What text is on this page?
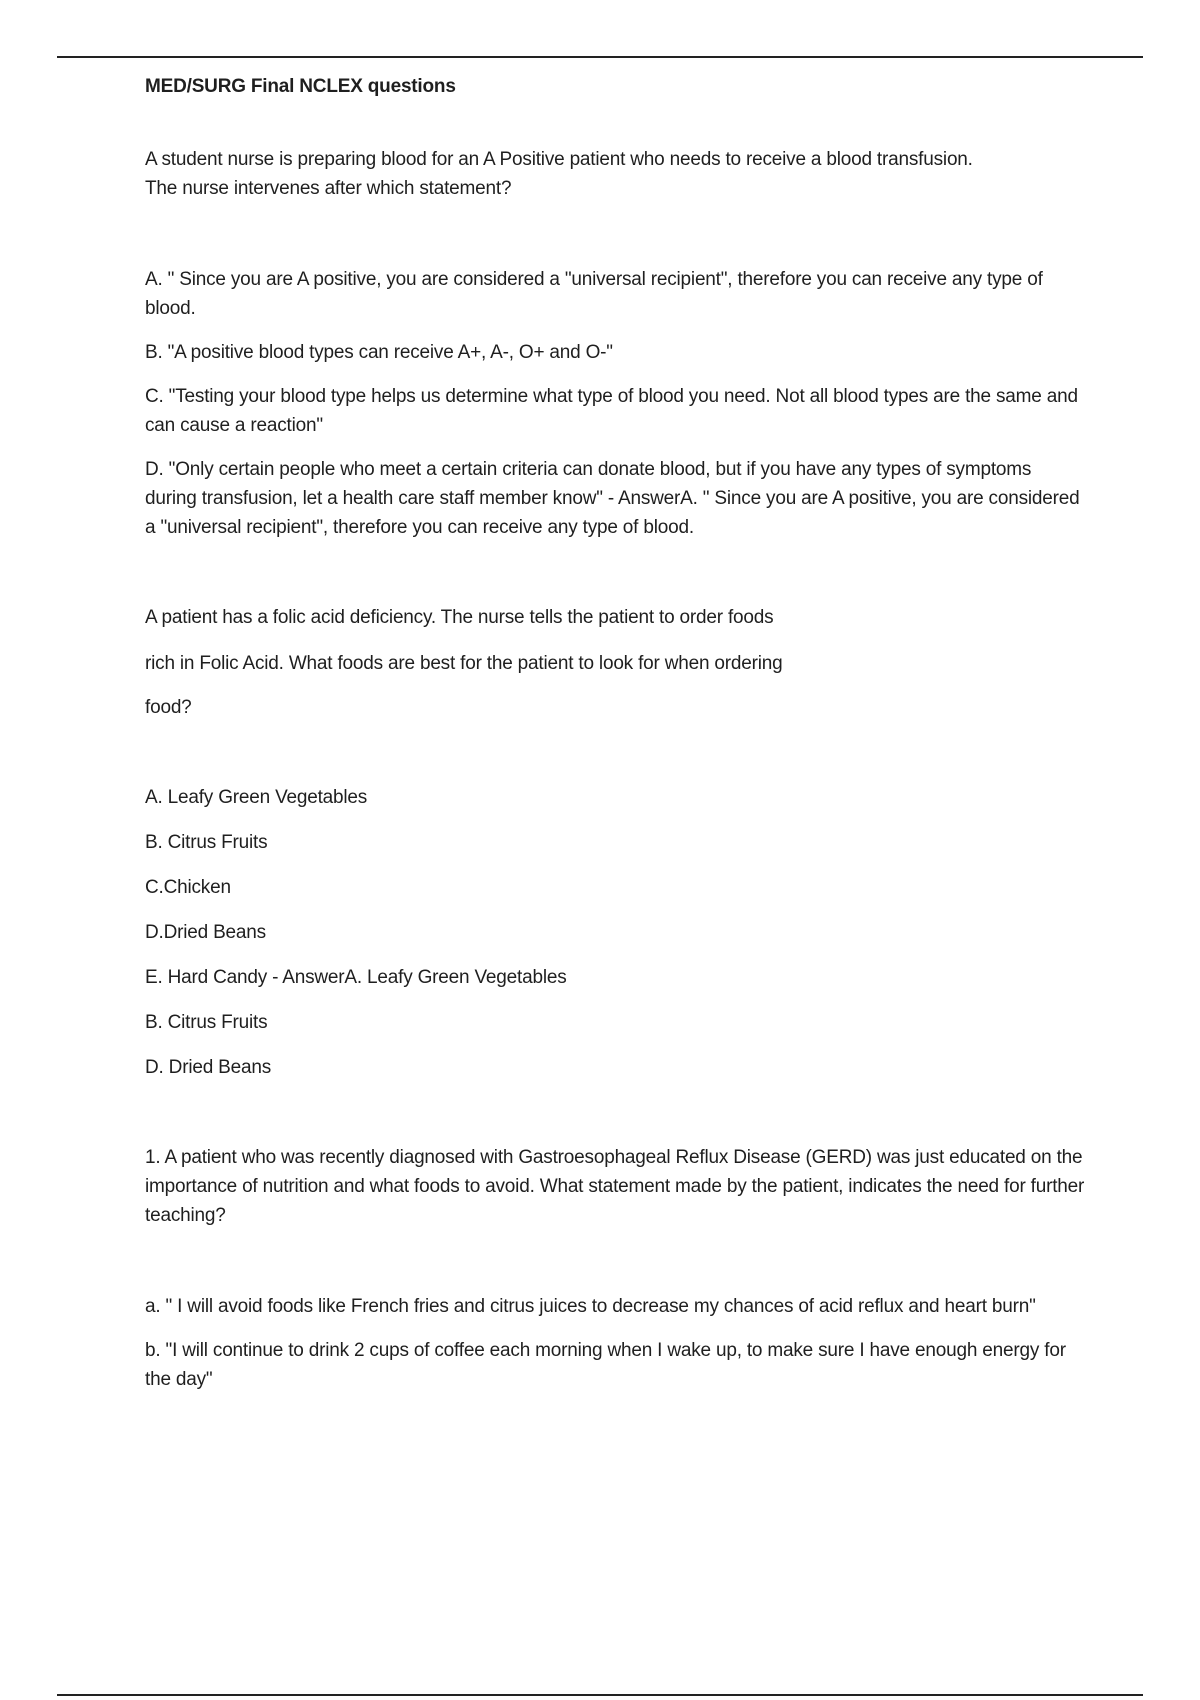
MED/SURG Final NCLEX questions

A student nurse is preparing blood for an A Positive patient who needs to receive a blood transfusion.

The nurse intervenes after which statement?

A. " Since you are A positive, you are considered a "universal recipient", therefore you can receive any type of blood.

B. "A positive blood types can receive A+, A-, O+ and O-"

C. "Testing your blood type helps us determine what type of blood you need. Not all blood types are the same and can cause a reaction"

D. "Only certain people who meet a certain criteria can donate blood, but if you have any types of symptoms during transfusion, let a health care staff member know" - AnswerA. " Since you are A positive, you are considered a "universal recipient", therefore you can receive any type of blood.

A patient has a folic acid deficiency. The nurse tells the patient to order foods

rich in Folic Acid. What foods are best for the patient to look for when ordering

food?

A. Leafy Green Vegetables

B. Citrus Fruits

C.Chicken

D.Dried Beans

E. Hard Candy - AnswerA. Leafy Green Vegetables

B. Citrus Fruits

D. Dried Beans

1. A patient who was recently diagnosed with Gastroesophageal Reflux Disease (GERD) was just educated on the importance of nutrition and what foods to avoid. What statement made by the patient, indicates the need for further teaching?

a. " I will avoid foods like French fries and citrus juices to decrease my chances of acid reflux and heart burn"

b. "I will continue to drink 2 cups of coffee each morning when I wake up, to make sure I have enough energy for the day"
